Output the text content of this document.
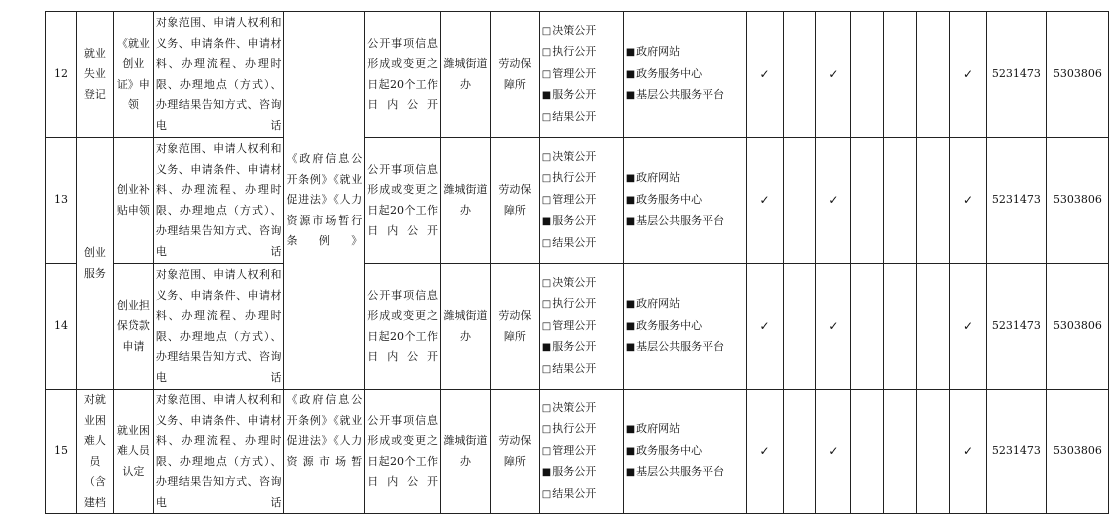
12	就业失业登记	《就业创业证》申领	对象范围、申请人权利和义务、申请条件、申请材料、办理流程、办理时限、办理地点（方式）、办理结果告知方式、咨询电话	《政府信息公开条例》《就业促进法》《人力资源市场暂行条例》	公开事项信息形成或变更之日起20个工作日内公开	潍城街道办	劳动保障所	□决策公开
□执行公开
□管理公开
■服务公开
□结果公开	■政府网站
■政务服务中心
■基层公共服务平台	✓		✓				✓	5231473	5303806
13	创业服务	创业补贴申领	对象范围、申请人权利和义务、申请条件、申请材料、办理流程、办理时限、办理地点（方式）、办理结果告知方式、咨询电话		公开事项信息形成或变更之日起20个工作日内公开	潍城街道办	劳动保障所	□决策公开
□执行公开
□管理公开
■服务公开
□结果公开	■政府网站
■政务服务中心
■基层公共服务平台	✓		✓				✓	5231473	5303806
14		创业担保贷款申请	对象范围、申请人权利和义务、申请条件、申请材料、办理流程、办理时限、办理地点（方式）、办理结果告知方式、咨询电话		公开事项信息形成或变更之日起20个工作日内公开	潍城街道办	劳动保障所	□决策公开
□执行公开
□管理公开
■服务公开
□结果公开	■政府网站
■政务服务中心
■基层公共服务平台	✓		✓				✓	5231473	5303806
15	对就业困难人员（含建档	就业困难人员认定	对象范围、申请人权利和义务、申请条件、申请材料、办理流程、办理时限、办理地点（方式）、办理结果告知方式、咨询电话	《政府信息公开条例》《就业促进法》《人力资源市场暂	公开事项信息形成或变更之日起20个工作日内公开	潍城街道办	劳动保障所	□决策公开
□执行公开
□管理公开
■服务公开
□结果公开	■政府网站
■政务服务中心
■基层公共服务平台	✓		✓				✓	5231473	5303806
